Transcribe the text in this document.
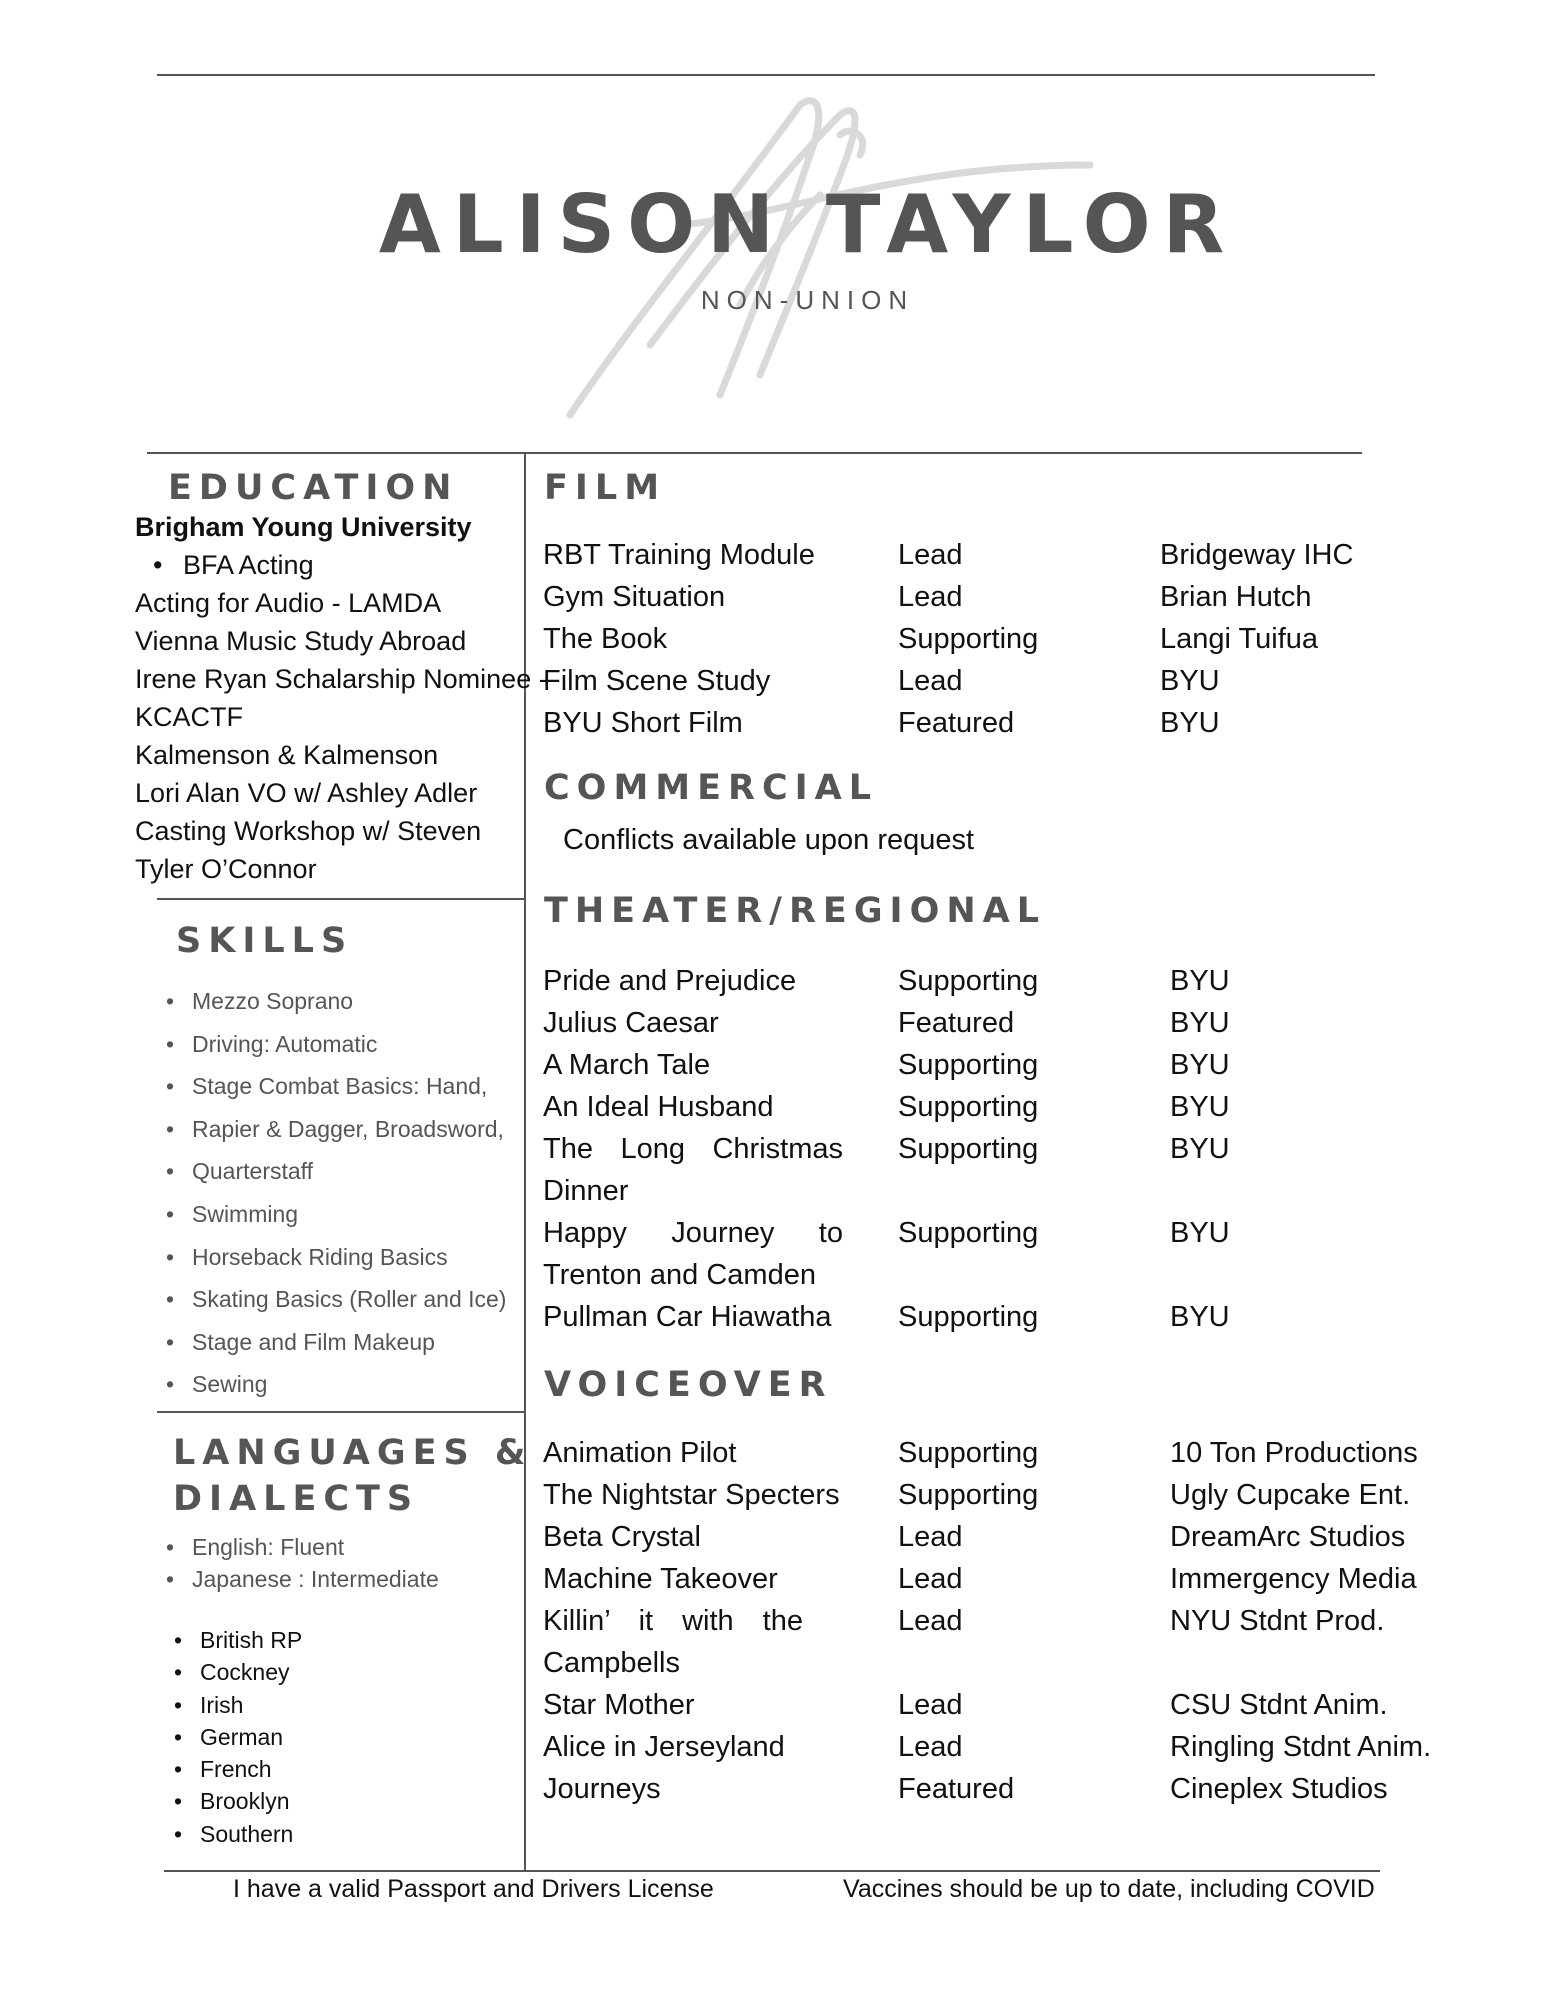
ALISON TAYLOR
NON-UNION
EDUCATION
Brigham Young University
• BFA Acting
Acting for Audio - LAMDA
Vienna Music Study Abroad
Irene Ryan Schalarship Nominee -
KCACTF
Kalmenson & Kalmenson
Lori Alan VO w/ Ashley Adler
Casting Workshop w/ Steven
Tyler O’Connor
SKILLS
• Mezzo Soprano
• Driving: Automatic
• Stage Combat Basics: Hand,
• Rapier & Dagger, Broadsword,
• Quarterstaff
• Swimming
• Horseback Riding Basics
• Skating Basics (Roller and Ice)
• Stage and Film Makeup
• Sewing
LANGUAGES &
DIALECTS
• English: Fluent
• Japanese : Intermediate
• British RP
• Cockney
• Irish
• German
• French
• Brooklyn
• Southern
FILM
RBT Training Module	Lead	Bridgeway IHC
Gym Situation	Lead	Brian Hutch
The Book	Supporting	Langi Tuifua
Film Scene Study	Lead	BYU
BYU Short Film	Featured	BYU
COMMERCIAL
Conflicts available upon request
THEATER/REGIONAL
Pride and Prejudice	Supporting	BYU
Julius Caesar	Featured	BYU
A March Tale	Supporting	BYU
An Ideal Husband	Supporting	BYU
The Long Christmas Dinner
Supporting	BYU
Happy Journey to Trenton and Camden
Supporting	BYU
Pullman Car Hiawatha	Supporting	BYU
VOICEOVER
Animation Pilot	Supporting	10 Ton Productions
The Nightstar Specters	Supporting	Ugly Cupcake Ent.
Beta Crystal	Lead	DreamArc Studios
Machine Takeover	Lead	Immergency Media
Killin’ it with the Campbells
Lead	NYU Stdnt Prod.
Star Mother	Lead	CSU Stdnt Anim.
Alice in Jerseyland	Lead	Ringling Stdnt Anim.
Journeys	Featured	Cineplex Studios
I have a valid Passport and Drivers License	Vaccines should be up to date, including COVID
